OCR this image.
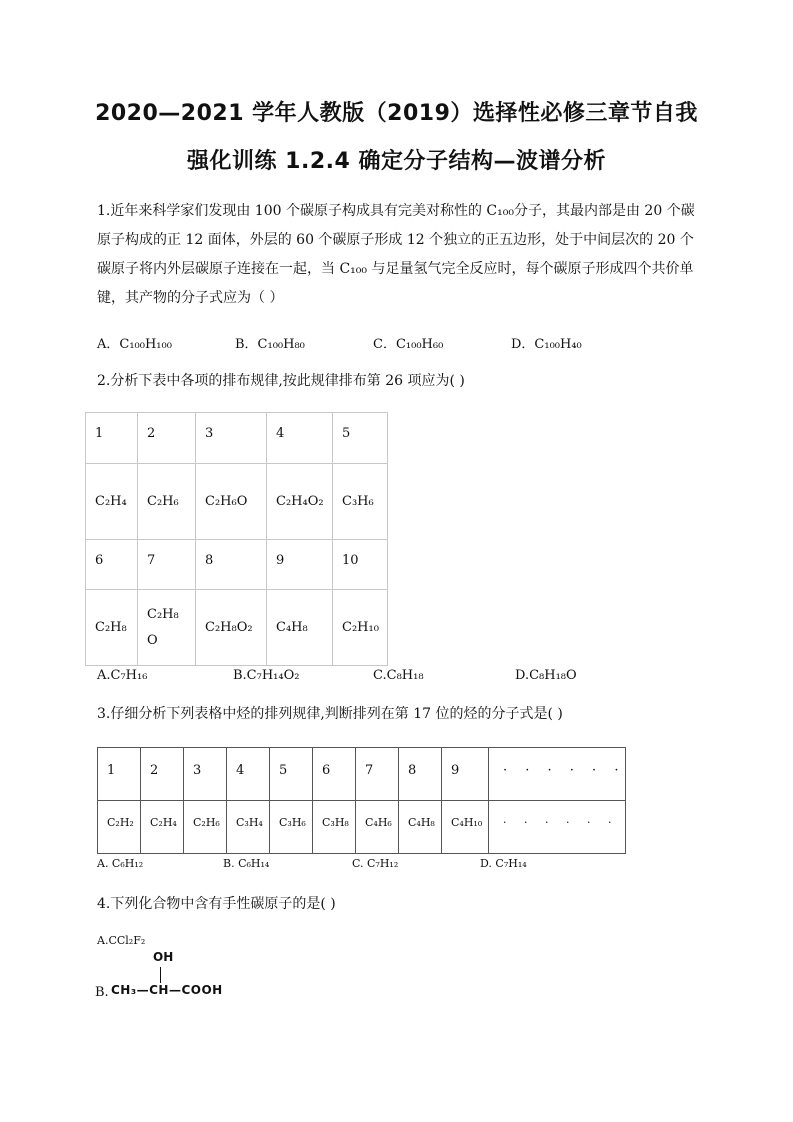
2020—2021 学年人教版（2019）选择性必修三章节自我
强化训练 1.2.4 确定分子结构—波谱分析

1.近年来科学家们发现由 100 个碳原子构成具有完美对称性的 C₁₀₀分子，其最内部是由 20 个碳原子构成的正 12 面体，外层的 60 个碳原子形成 12 个独立的正五边形，处于中间层次的 20 个碳原子将内外层碳原子连接在一起，当 C₁₀₀ 与足量氢气完全反应时，每个碳原子形成四个共价单键，其产物的分子式应为（ ）

A．C₁₀₀H₁₀₀	B．C₁₀₀H₈₀	C．C₁₀₀H₆₀	D．C₁₀₀H₄₀

2.分析下表中各项的排布规律,按此规律排布第 26 项应为( )

1	2	3	4	5
C₂H₄	C₂H₆	C₂H₆O	C₂H₄O₂	C₃H₆
6	7	8	9	10
C₂H₈	C₂H₈O	C₂H₈O₂	C₄H₈	C₂H₁₀
A.C₇H₁₆	B.C₇H₁₄O₂	C.C₈H₁₈	D.C₈H₁₈O

3.仔细分析下列表格中烃的排列规律,判断排列在第 17 位的烃的分子式是( )

1	2	3	4	5	6	7	8	9	· · · · · ·
C₂H₂	C₂H₄	C₂H₆	C₃H₄	C₃H₆	C₃H₈	C₄H₆	C₄H₈	C₄H₁₀	· · · · · ·
A. C₆H₁₂	B. C₆H₁₄	C. C₇H₁₂	D. C₇H₁₄

4.下列化合物中含有手性碳原子的是( )

A.CCl₂F₂
OH
B. CH₃—CH—COOH
